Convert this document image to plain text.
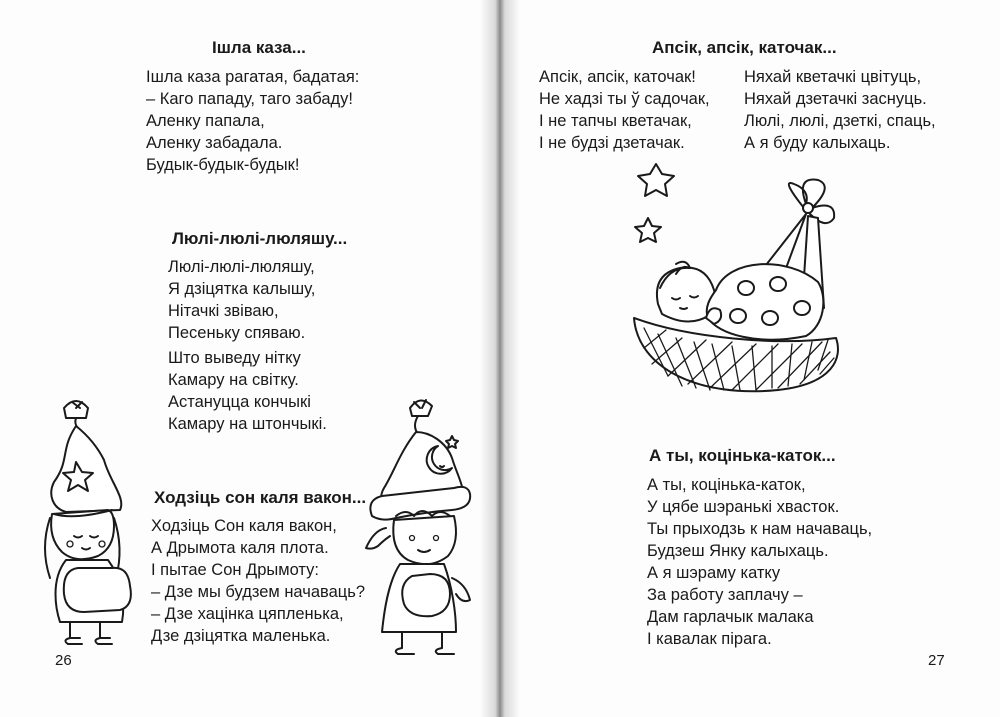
Ішла каза...
Ішла каза рагатая, бадатая:
– Каго пападу, таго забаду!
Аленку папала,
Аленку забадала.
Будык-будык-будык!
Люлі-люлі-люляшу...
Люлі-люлі-люляшу,
Я дзіцятка калышу,
Нітачкі звіваю,
Песеньку спяваю.
Што выведу нітку
Камару на світку.
Астануцца кончыкі
Камару на штончыкі.
Ходзіць сон каля вакон...
Ходзіць Сон каля вакон,
А Дрымота каля плота.
І пытае Сон Дрымоту:
– Дзе мы будзем начаваць?
– Дзе хацінка цяпленька,
Дзе дзіцятка маленька.
26
Апсік, апсік, каточак...
Апсік, апсік, каточак!
Не хадзі ты ў садочак,
І не тапчы кветачак,
І не будзі дзетачак.
Няхай кветачкі цвітуць,
Няхай дзетачкі заснуць.
Люлі, люлі, дзеткі, спаць,
А я буду калыхаць.
А ты, коцінька-каток...
А ты, коцінька-каток,
У цябе шэранькі хвасток.
Ты прыходзь к нам начаваць,
Будзеш Янку калыхаць.
А я шэраму катку
За работу заплачу –
Дам гарлачык малака
І кавалак пірага.
27
